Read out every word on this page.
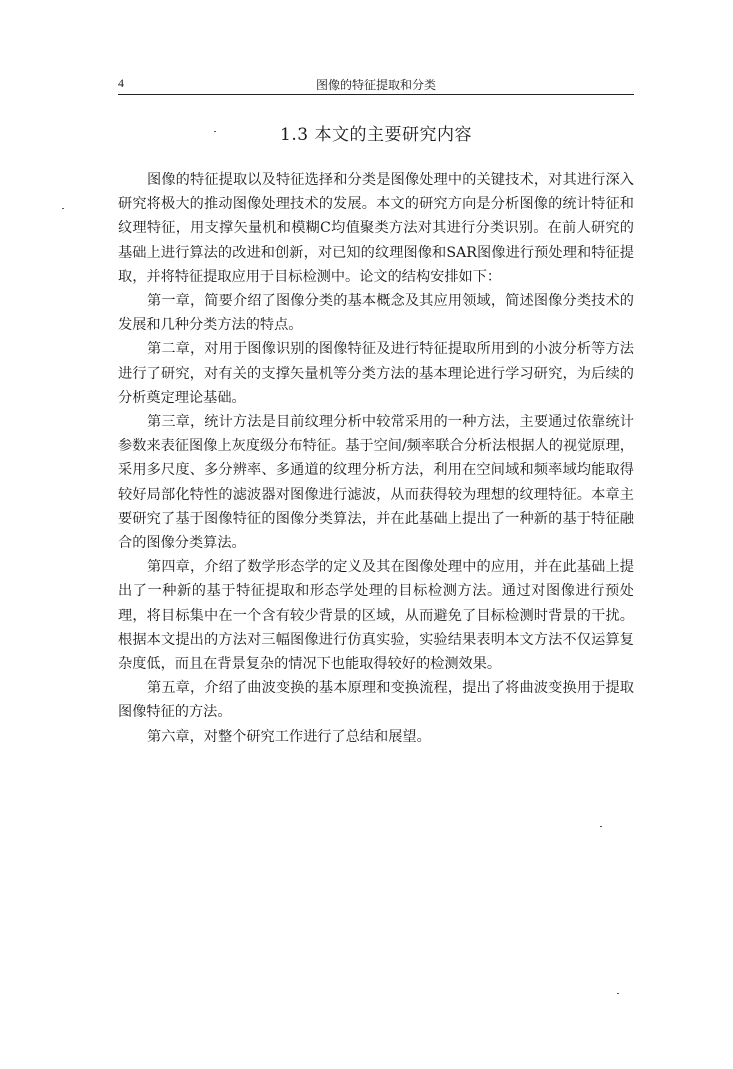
4	图像的特征提取和分类
1.3 本文的主要研究内容

图像的特征提取以及特征选择和分类是图像处理中的关键技术，对其进行深入研究将极大的推动图像处理技术的发展。本文的研究方向是分析图像的统计特征和纹理特征，用支撑矢量机和模糊C均值聚类方法对其进行分类识别。在前人研究的基础上进行算法的改进和创新，对已知的纹理图像和SAR图像进行预处理和特征提取，并将特征提取应用于目标检测中。论文的结构安排如下：

第一章，简要介绍了图像分类的基本概念及其应用领域，简述图像分类技术的发展和几种分类方法的特点。

第二章，对用于图像识别的图像特征及进行特征提取所用到的小波分析等方法进行了研究，对有关的支撑矢量机等分类方法的基本理论进行学习研究，为后续的分析奠定理论基础。

第三章，统计方法是目前纹理分析中较常采用的一种方法，主要通过依靠统计参数来表征图像上灰度级分布特征。基于空间/频率联合分析法根据人的视觉原理，采用多尺度、多分辨率、多通道的纹理分析方法，利用在空间域和频率域均能取得较好局部化特性的滤波器对图像进行滤波，从而获得较为理想的纹理特征。本章主要研究了基于图像特征的图像分类算法，并在此基础上提出了一种新的基于特征融合的图像分类算法。

第四章，介绍了数学形态学的定义及其在图像处理中的应用，并在此基础上提出了一种新的基于特征提取和形态学处理的目标检测方法。通过对图像进行预处理，将目标集中在一个含有较少背景的区域，从而避免了目标检测时背景的干扰。根据本文提出的方法对三幅图像进行仿真实验，实验结果表明本文方法不仅运算复杂度低，而且在背景复杂的情况下也能取得较好的检测效果。

第五章，介绍了曲波变换的基本原理和变换流程，提出了将曲波变换用于提取图像特征的方法。

第六章，对整个研究工作进行了总结和展望。
